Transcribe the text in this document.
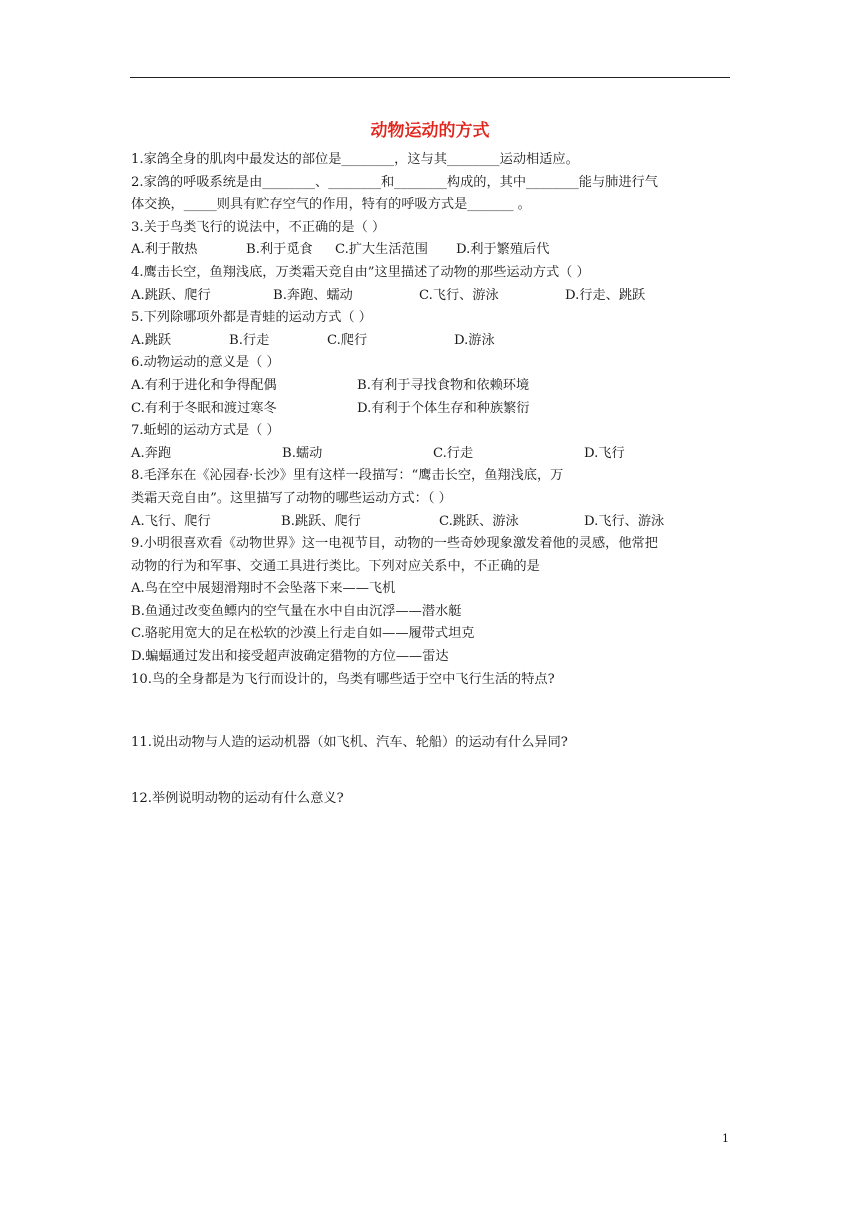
动物运动的方式
1.家鸽全身的肌肉中最发达的部位是________，这与其________运动相适应。
2.家鸽的呼吸系统是由________、________和________构成的，其中________能与肺进行气
体交换，_____则具有贮存空气的作用，特有的呼吸方式是_______ 。
3.关于鸟类飞行的说法中，不正确的是（ ）
A.利于散热	B.利于觅食 C.扩大生活范围 D.利于繁殖后代
4.鹰击长空，鱼翔浅底，万类霜天竞自由”这里描述了动物的那些运动方式（ ）
A.跳跃、爬行	B.奔跑、蠕动	C.飞行、游泳	D.行走、跳跃
5.下列除哪项外都是青蛙的运动方式（ ）
A.跳跃	B.行走	C.爬行	D.游泳
6.动物运动的意义是（ ）
A.有利于进化和争得配偶	B.有利于寻找食物和依赖环境
C.有利于冬眠和渡过寒冬	D.有利于个体生存和种族繁衍
7.蚯蚓的运动方式是（ ）
A.奔跑	B.蠕动	C.行走	D.飞行
8.毛泽东在《沁园春·长沙》里有这样一段描写：“鹰击长空，鱼翔浅底，万
类霜天竞自由”。这里描写了动物的哪些运动方式：（ ）
A.飞行、爬行	B.跳跃、爬行	C.跳跃、游泳	D.飞行、游泳
9.小明很喜欢看《动物世界》这一电视节目，动物的一些奇妙现象激发着他的灵感，他常把
动物的行为和军事、交通工具进行类比。下列对应关系中，不正确的是
A.鸟在空中展翅滑翔时不会坠落下来——飞机
B.鱼通过改变鱼鳔内的空气量在水中自由沉浮——潜水艇
C.骆驼用宽大的足在松软的沙漠上行走自如——履带式坦克
D.蝙蝠通过发出和接受超声波确定猎物的方位——雷达
10.鸟的全身都是为飞行而设计的，鸟类有哪些适于空中飞行生活的特点?
11.说出动物与人造的运动机器（如飞机、汽车、轮船）的运动有什么异同?
12.举例说明动物的运动有什么意义?
1
